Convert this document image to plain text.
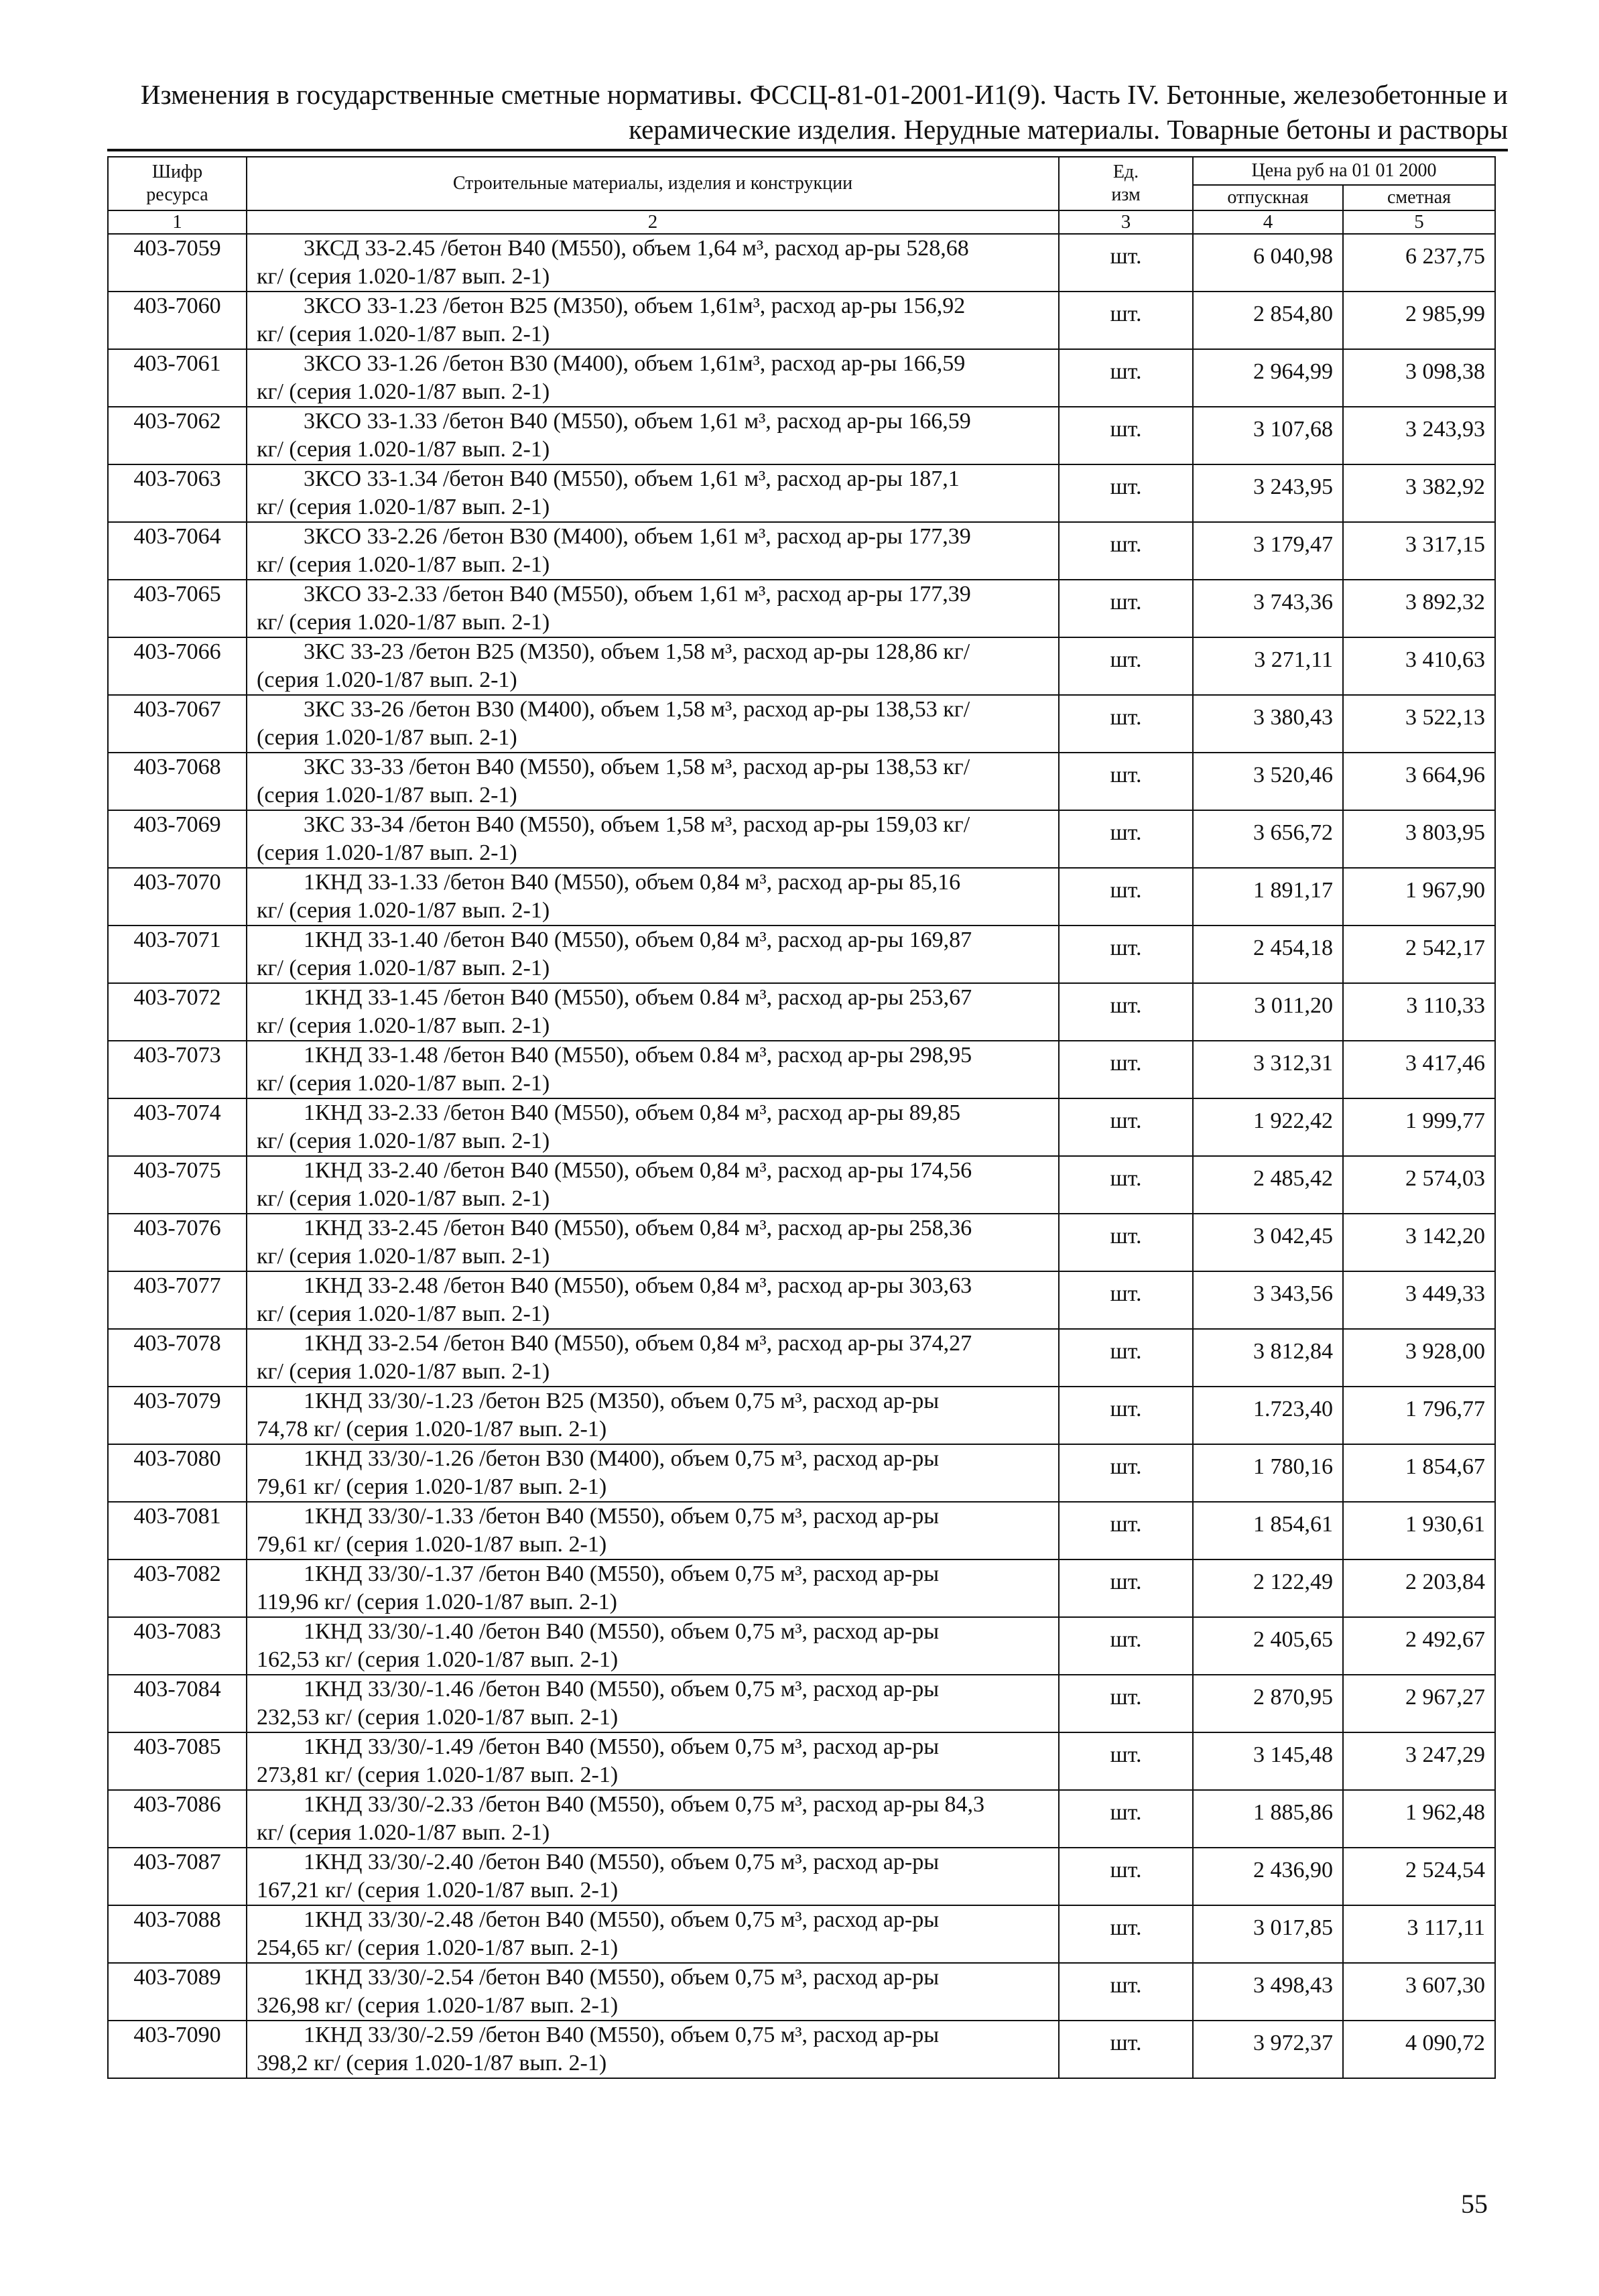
Изменения в государственные сметные нормативы. ФССЦ-81-01-2001-И1(9). Часть IV. Бетонные, железобетонные и
керамические изделия. Нерудные материалы. Товарные бетоны и растворы
Шифр ресурса	Строительные материалы, изделия и конструкции	Ед. изм	Цена руб на 01 01 2000	
			отпускная	сметная
1	2	3	4	5
403-7059	3КСД 33-2.45 /бетон В40 (М550), объем 1,64 м³, расход ар-ры 528,68
кг/ (серия 1.020-1/87 вып. 2-1)	шт.	6 040,98	6 237,75
403-7060	3КСО 33-1.23 /бетон В25 (М350), объем 1,61м³, расход ар-ры 156,92
кг/ (серия 1.020-1/87 вып. 2-1)	шт.	2 854,80	2 985,99
403-7061	3КСО 33-1.26 /бетон В30 (М400), объем 1,61м³, расход ар-ры 166,59
кг/ (серия 1.020-1/87 вып. 2-1)	шт.	2 964,99	3 098,38
403-7062	3КСО 33-1.33 /бетон В40 (М550), объем 1,61 м³, расход ар-ры 166,59
кг/ (серия 1.020-1/87 вып. 2-1)	шт.	3 107,68	3 243,93
403-7063	3КСО 33-1.34 /бетон В40 (М550), объем 1,61 м³, расход ар-ры 187,1
кг/ (серия 1.020-1/87 вып. 2-1)	шт.	3 243,95	3 382,92
403-7064	3КСО 33-2.26 /бетон В30 (М400), объем 1,61 м³, расход ар-ры 177,39
кг/ (серия 1.020-1/87 вып. 2-1)	шт.	3 179,47	3 317,15
403-7065	3КСО 33-2.33 /бетон В40 (М550), объем 1,61 м³, расход ар-ры 177,39
кг/ (серия 1.020-1/87 вып. 2-1)	шт.	3 743,36	3 892,32
403-7066	3КС 33-23 /бетон В25 (М350), объем 1,58 м³, расход ар-ры 128,86 кг/
(серия 1.020-1/87 вып. 2-1)	шт.	3 271,11	3 410,63
403-7067	3КС 33-26 /бетон В30 (М400), объем 1,58 м³, расход ар-ры 138,53 кг/
(серия 1.020-1/87 вып. 2-1)	шт.	3 380,43	3 522,13
403-7068	3КС 33-33 /бетон В40 (М550), объем 1,58 м³, расход ар-ры 138,53 кг/
(серия 1.020-1/87 вып. 2-1)	шт.	3 520,46	3 664,96
403-7069	3КС 33-34 /бетон В40 (М550), объем 1,58 м³, расход ар-ры 159,03 кг/
(серия 1.020-1/87 вып. 2-1)	шт.	3 656,72	3 803,95
403-7070	1КНД 33-1.33 /бетон В40 (М550), объем 0,84 м³, расход ар-ры 85,16
кг/ (серия 1.020-1/87 вып. 2-1)	шт.	1 891,17	1 967,90
403-7071	1КНД 33-1.40 /бетон В40 (М550), объем 0,84 м³, расход ар-ры 169,87
кг/ (серия 1.020-1/87 вып. 2-1)	шт.	2 454,18	2 542,17
403-7072	1КНД 33-1.45 /бетон В40 (М550), объем 0.84 м³, расход ар-ры 253,67
кг/ (серия 1.020-1/87 вып. 2-1)	шт.	3 011,20	3 110,33
403-7073	1КНД 33-1.48 /бетон В40 (М550), объем 0.84 м³, расход ар-ры 298,95
кг/ (серия 1.020-1/87 вып. 2-1)	шт.	3 312,31	3 417,46
403-7074	1КНД 33-2.33 /бетон В40 (М550), объем 0,84 м³, расход ар-ры 89,85
кг/ (серия 1.020-1/87 вып. 2-1)	шт.	1 922,42	1 999,77
403-7075	1КНД 33-2.40 /бетон В40 (М550), объем 0,84 м³, расход ар-ры 174,56
кг/ (серия 1.020-1/87 вып. 2-1)	шт.	2 485,42	2 574,03
403-7076	1КНД 33-2.45 /бетон В40 (М550), объем 0,84 м³, расход ар-ры 258,36
кг/ (серия 1.020-1/87 вып. 2-1)	шт.	3 042,45	3 142,20
403-7077	1КНД 33-2.48 /бетон В40 (М550), объем 0,84 м³, расход ар-ры 303,63
кг/ (серия 1.020-1/87 вып. 2-1)	шт.	3 343,56	3 449,33
403-7078	1КНД 33-2.54 /бетон В40 (М550), объем 0,84 м³, расход ар-ры 374,27
кг/ (серия 1.020-1/87 вып. 2-1)	шт.	3 812,84	3 928,00
403-7079	1КНД 33/30/-1.23 /бетон В25 (М350), объем 0,75 м³, расход ар-ры
74,78 кг/ (серия 1.020-1/87 вып. 2-1)	шт.	1.723,40	1 796,77
403-7080	1КНД 33/30/-1.26 /бетон В30 (М400), объем 0,75 м³, расход ар-ры
79,61 кг/ (серия 1.020-1/87 вып. 2-1)	шт.	1 780,16	1 854,67
403-7081	1КНД 33/30/-1.33 /бетон В40 (М550), объем 0,75 м³, расход ар-ры
79,61 кг/ (серия 1.020-1/87 вып. 2-1)	шт.	1 854,61	1 930,61
403-7082	1КНД 33/30/-1.37 /бетон В40 (М550), объем 0,75 м³, расход ар-ры
119,96 кг/ (серия 1.020-1/87 вып. 2-1)	шт.	2 122,49	2 203,84
403-7083	1КНД 33/30/-1.40 /бетон В40 (М550), объем 0,75 м³, расход ар-ры
162,53 кг/ (серия 1.020-1/87 вып. 2-1)	шт.	2 405,65	2 492,67
403-7084	1КНД 33/30/-1.46 /бетон В40 (М550), объем 0,75 м³, расход ар-ры
232,53 кг/ (серия 1.020-1/87 вып. 2-1)	шт.	2 870,95	2 967,27
403-7085	1КНД 33/30/-1.49 /бетон В40 (М550), объем 0,75 м³, расход ар-ры
273,81 кг/ (серия 1.020-1/87 вып. 2-1)	шт.	3 145,48	3 247,29
403-7086	1КНД 33/30/-2.33 /бетон В40 (М550), объем 0,75 м³, расход ар-ры 84,3
кг/ (серия 1.020-1/87 вып. 2-1)	шт.	1 885,86	1 962,48
403-7087	1КНД 33/30/-2.40 /бетон В40 (М550), объем 0,75 м³, расход ар-ры
167,21 кг/ (серия 1.020-1/87 вып. 2-1)	шт.	2 436,90	2 524,54
403-7088	1КНД 33/30/-2.48 /бетон В40 (М550), объем 0,75 м³, расход ар-ры
254,65 кг/ (серия 1.020-1/87 вып. 2-1)	шт.	3 017,85	3 117,11
403-7089	1КНД 33/30/-2.54 /бетон В40 (М550), объем 0,75 м³, расход ар-ры
326,98 кг/ (серия 1.020-1/87 вып. 2-1)	шт.	3 498,43	3 607,30
403-7090	1КНД 33/30/-2.59 /бетон В40 (М550), объем 0,75 м³, расход ар-ры
398,2 кг/ (серия 1.020-1/87 вып. 2-1)	шт.	3 972,37	4 090,72
55
